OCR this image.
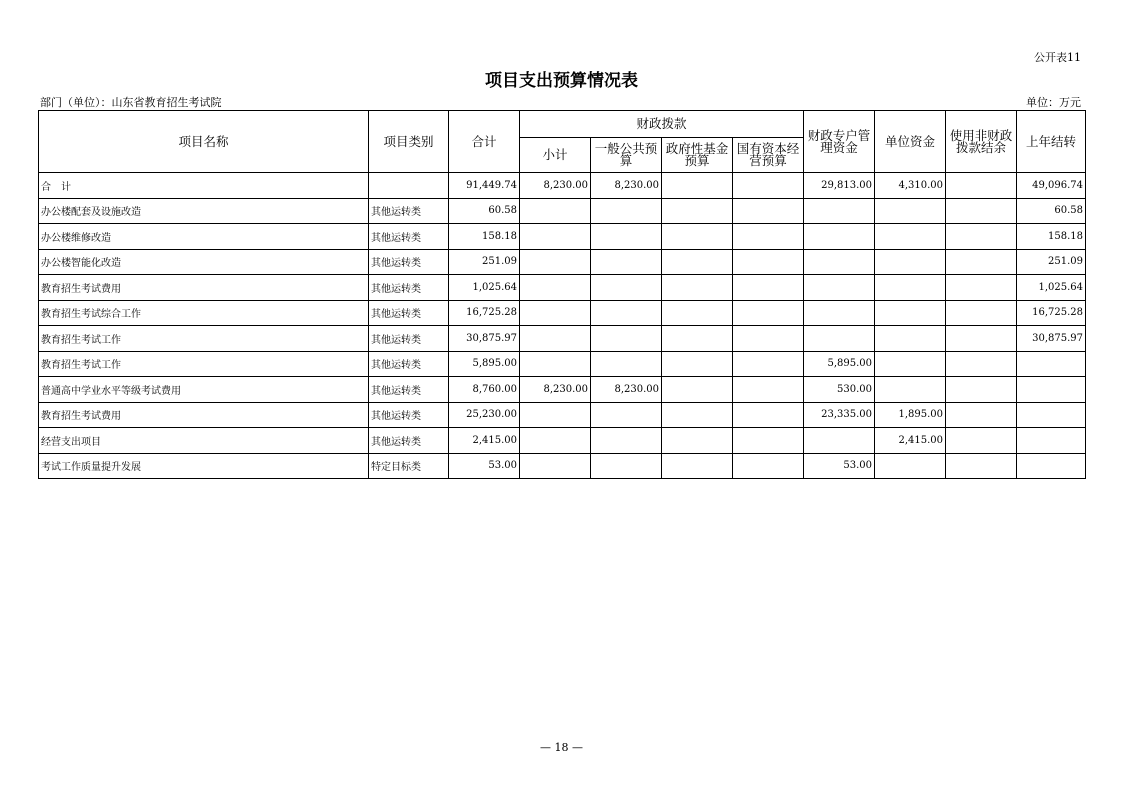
公开表11
项目支出预算情况表
部门（单位）：山东省教育招生考试院	单位：万元
项目名称	项目类别	合计	财政拨款				财政专户管理资金	单位资金	使用非财政拨款结余	上年结转
			小计	一般公共预算	政府性基金预算	国有资本经营预算				
合　计		91,449.74	8,230.00	8,230.00			29,813.00	4,310.00		49,096.74
办公楼配套及设施改造	其他运转类	60.58								60.58
办公楼维修改造	其他运转类	158.18								158.18
办公楼智能化改造	其他运转类	251.09								251.09
教育招生考试费用	其他运转类	1,025.64								1,025.64
教育招生考试综合工作	其他运转类	16,725.28								16,725.28
教育招生考试工作	其他运转类	30,875.97								30,875.97
教育招生考试工作	其他运转类	5,895.00					5,895.00			
普通高中学业水平等级考试费用	其他运转类	8,760.00	8,230.00	8,230.00			530.00			
教育招生考试费用	其他运转类	25,230.00					23,335.00	1,895.00		
经营支出项目	其他运转类	2,415.00						2,415.00		
考试工作质量提升发展	特定目标类	53.00					53.00			
— 18 —
